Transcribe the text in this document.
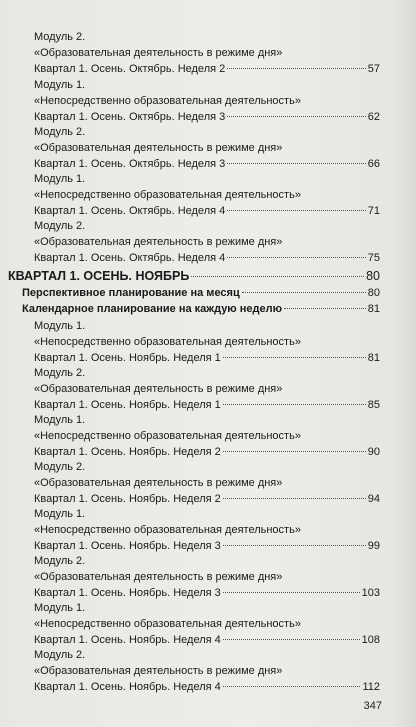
Модуль 2.
«Образовательная деятельность в режиме дня»
Квартал 1. Осень. Октябрь. Неделя 2	57
Модуль 1.
«Непосредственно образовательная деятельность»
Квартал 1. Осень. Октябрь. Неделя 3	62
Модуль 2.
«Образовательная деятельность в режиме дня»
Квартал 1. Осень. Октябрь. Неделя 3	66
Модуль 1.
«Непосредственно образовательная деятельность»
Квартал 1. Осень. Октябрь. Неделя 4	71
Модуль 2.
«Образовательная деятельность в режиме дня»
Квартал 1. Осень. Октябрь. Неделя 4	75
КВАРТАЛ 1. ОСЕНЬ. НОЯБРЬ	80
Перспективное планирование на месяц	80
Календарное планирование на каждую неделю	81
Модуль 1.
«Непосредственно образовательная деятельность»
Квартал 1. Осень. Ноябрь. Неделя 1	81
Модуль 2.
«Образовательная деятельность в режиме дня»
Квартал 1. Осень. Ноябрь. Неделя 1	85
Модуль 1.
«Непосредственно образовательная деятельность»
Квартал 1. Осень. Ноябрь. Неделя 2	90
Модуль 2.
«Образовательная деятельность в режиме дня»
Квартал 1. Осень. Ноябрь. Неделя 2	94
Модуль 1.
«Непосредственно образовательная деятельность»
Квартал 1. Осень. Ноябрь. Неделя 3	99
Модуль 2.
«Образовательная деятельность в режиме дня»
Квартал 1. Осень. Ноябрь. Неделя 3	103
Модуль 1.
«Непосредственно образовательная деятельность»
Квартал 1. Осень. Ноябрь. Неделя 4	108
Модуль 2.
«Образовательная деятельность в режиме дня»
Квартал 1. Осень. Ноябрь. Неделя 4	112
347
